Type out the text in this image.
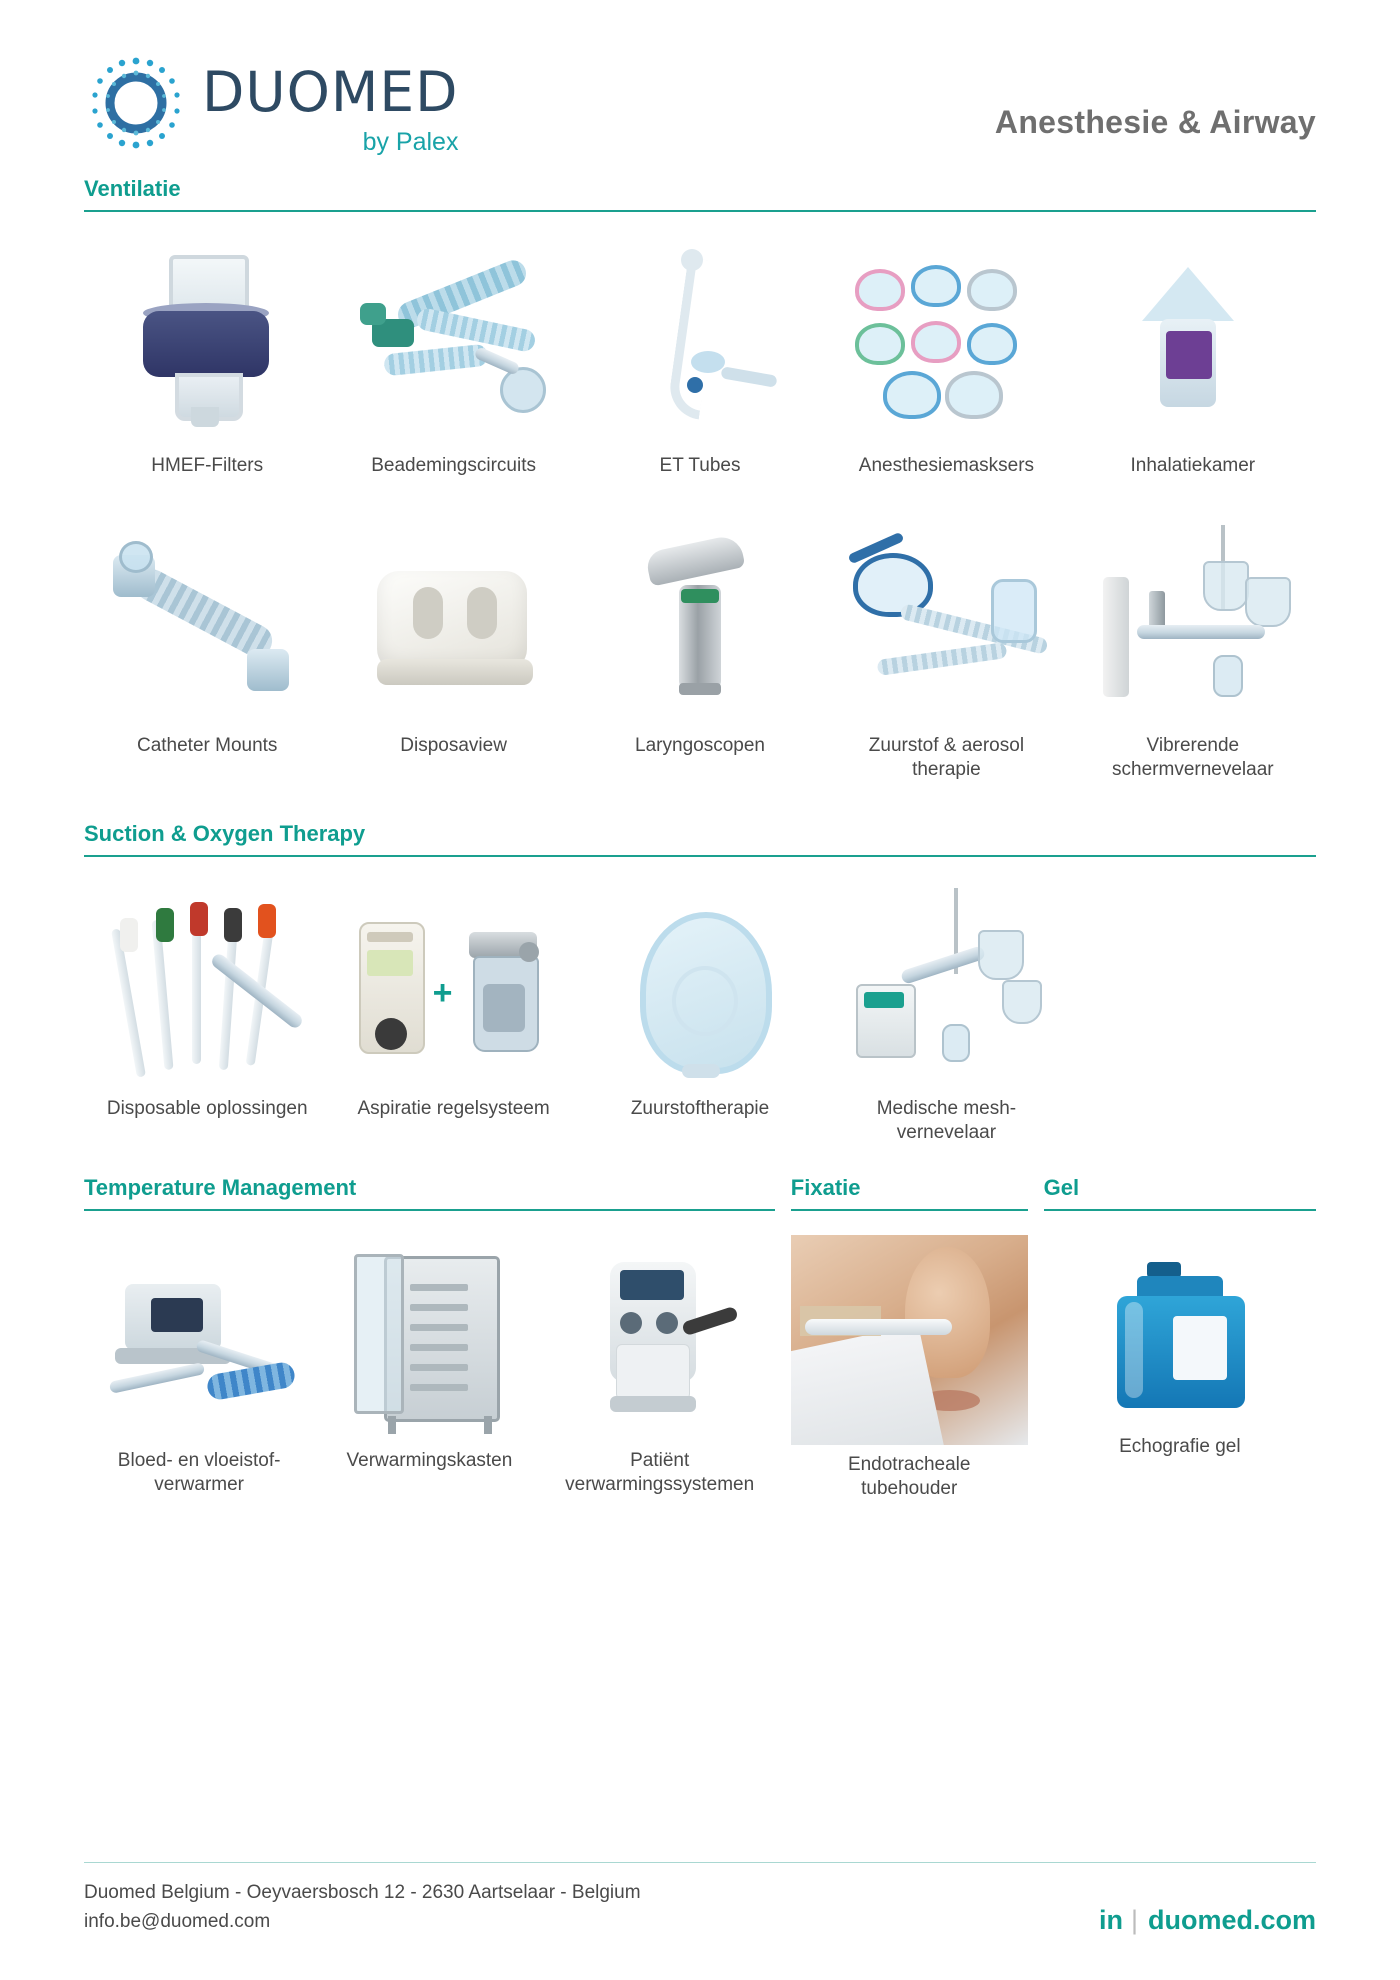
DUOMED
by Palex
Anesthesie & Airway
Ventilatie
HMEF-Filters	Beademingscircuits	ET Tubes	Anesthesiemasksers	Inhalatiekamer
Catheter Mounts	Disposaview	Laryngoscopen	Zuurstof & aerosol therapie
Vibrerende schermvernevelaar
Suction & Oxygen Therapy
Disposable oplossingen
+
Aspiratie regelsysteem	Zuurstoftherapie	Medische mesh-vernevelaar
Temperature Management
Bloed- en vloeistof-verwarmer
Verwarmingskasten	Patiënt verwarmingssystemen
Fixatie
Endotracheale tubehouder
Gel
Echografie gel
Duomed Belgium - Oeyvaersbosch 12 - 2630 Aartselaar - Belgium
info.be@duomed.com	in | duomed.com
